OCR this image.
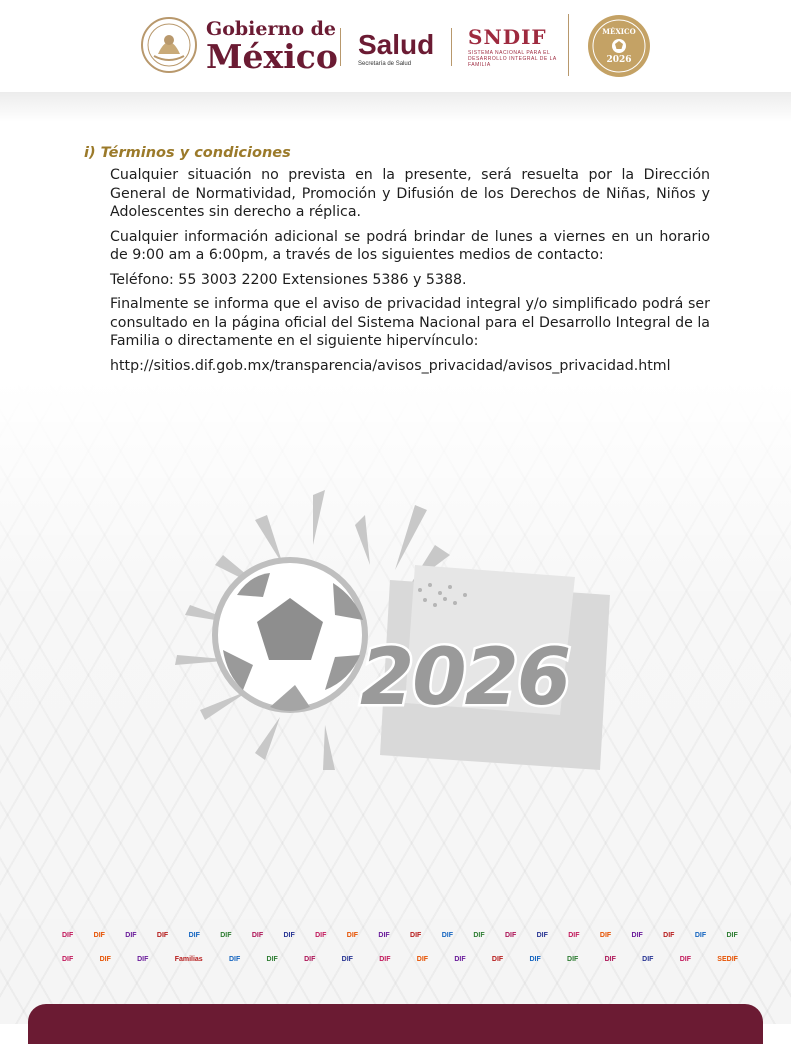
Gobierno de
México Salud
Secretaría de Salud
SNDIF
SISTEMA NACIONAL PARA EL DESARROLLO INTEGRAL DE LA FAMILIA
MÉXICO
2026
i) Términos y condiciones

Cualquier situación no prevista en la presente, será resuelta por la Dirección General de Normatividad, Promoción y Difusión de los Derechos de Niñas, Niños y Adolescentes sin derecho a réplica.

Cualquier información adicional se podrá brindar de lunes a viernes en un horario de 9:00 am a 6:00pm, a través de los siguientes medios de contacto:

Teléfono: 55 3003 2200 Extensiones 5386 y 5388.

Finalmente se informa que el aviso de privacidad integral y/o simplificado podrá ser consultado en la página oficial del Sistema Nacional para el Desarrollo Integral de la Familia o directamente en el siguiente hipervínculo:

http://sitios.dif.gob.mx/transparencia/avisos_privacidad/avisos_privacidad.html

2026
DIF	DIF	DIF	DIF	DIF	DIF	DIF	DIF	DIF	DIF	DIF	DIF	DIF	DIF	DIF	DIF	DIF	DIF	DIF	DIF	DIF	DIF
DIF	DIF	DIF	Familias	DIF	DIF	DIF	DIF	DIF	DIF	DIF	DIF	DIF	DIF	DIF	DIF	DIF	SEDIF
